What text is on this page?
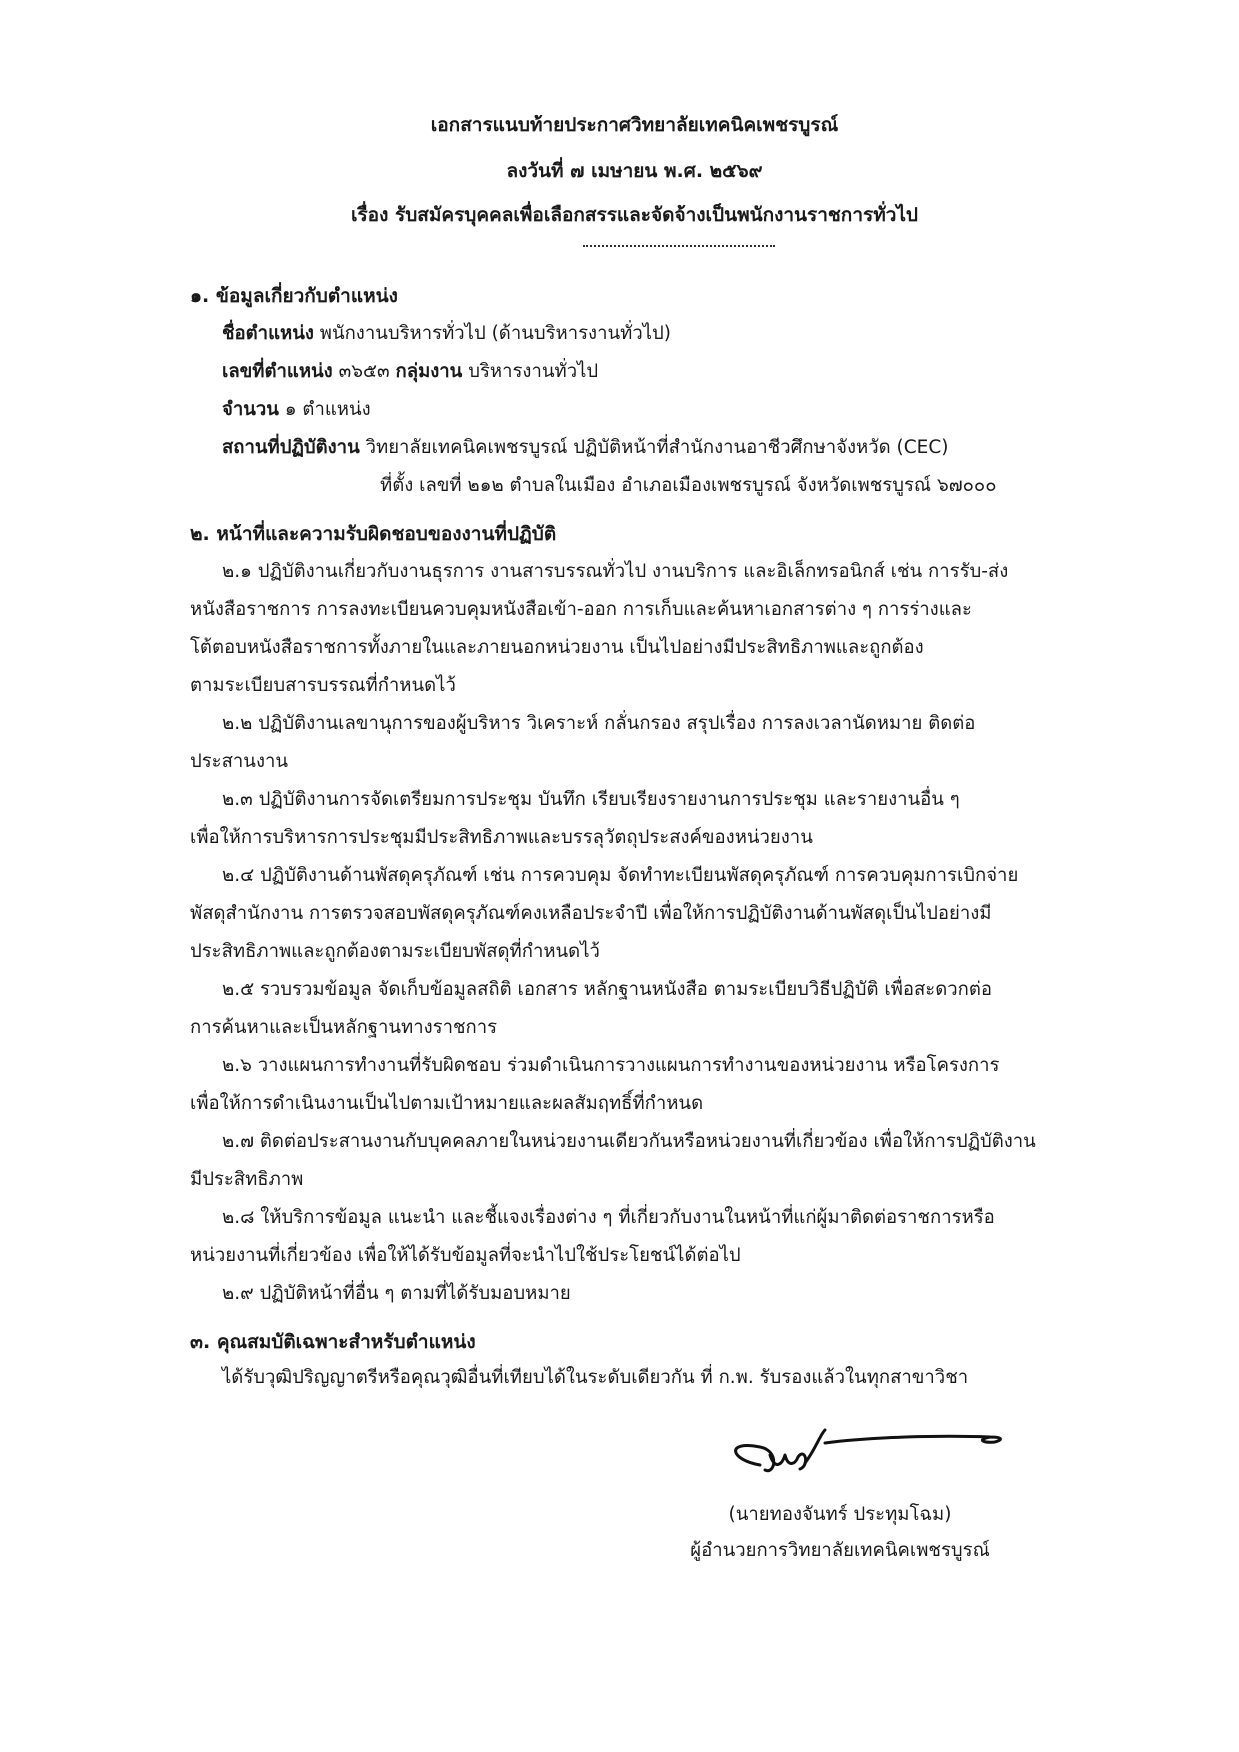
เอกสารแนบท้ายประกาศวิทยาลัยเทคนิคเพชรบูรณ์
ลงวันที่ ๗ เมษายน พ.ศ. ๒๕๖๙
เรื่อง รับสมัครบุคคลเพื่อเลือกสรรและจัดจ้างเป็นพนักงานราชการทั่วไป
๑. ข้อมูลเกี่ยวกับตำแหน่ง
ชื่อตำแหน่ง พนักงานบริหารทั่วไป (ด้านบริหารงานทั่วไป)
เลขที่ตำแหน่ง ๓๖๕๓ กลุ่มงาน บริหารงานทั่วไป
จำนวน ๑ ตำแหน่ง
สถานที่ปฏิบัติงาน วิทยาลัยเทคนิคเพชรบูรณ์ ปฏิบัติหน้าที่สำนักงานอาชีวศึกษาจังหวัด (CEC)
ที่ตั้ง เลขที่ ๒๑๒ ตำบลในเมือง อำเภอเมืองเพชรบูรณ์ จังหวัดเพชรบูรณ์ ๖๗๐๐๐
๒. หน้าที่และความรับผิดชอบของงานที่ปฏิบัติ
๒.๑ ปฏิบัติงานเกี่ยวกับงานธุรการ งานสารบรรณทั่วไป งานบริการ และอิเล็กทรอนิกส์ เช่น การรับ-ส่ง
หนังสือราชการ การลงทะเบียนควบคุมหนังสือเข้า-ออก การเก็บและค้นหาเอกสารต่าง ๆ การร่างและ
โต้ตอบหนังสือราชการทั้งภายในและภายนอกหน่วยงาน เป็นไปอย่างมีประสิทธิภาพและถูกต้อง
ตามระเบียบสารบรรณที่กำหนดไว้
๒.๒ ปฏิบัติงานเลขานุการของผู้บริหาร วิเคราะห์ กลั่นกรอง สรุปเรื่อง การลงเวลานัดหมาย ติดต่อ
ประสานงาน
๒.๓ ปฏิบัติงานการจัดเตรียมการประชุม บันทึก เรียบเรียงรายงานการประชุม และรายงานอื่น ๆ
เพื่อให้การบริหารการประชุมมีประสิทธิภาพและบรรลุวัตถุประสงค์ของหน่วยงาน
๒.๔ ปฏิบัติงานด้านพัสดุครุภัณฑ์ เช่น การควบคุม จัดทำทะเบียนพัสดุครุภัณฑ์ การควบคุมการเบิกจ่าย
พัสดุสำนักงาน การตรวจสอบพัสดุครุภัณฑ์คงเหลือประจำปี เพื่อให้การปฏิบัติงานด้านพัสดุเป็นไปอย่างมี
ประสิทธิภาพและถูกต้องตามระเบียบพัสดุที่กำหนดไว้
๒.๕ รวบรวมข้อมูล จัดเก็บข้อมูลสถิติ เอกสาร หลักฐานหนังสือ ตามระเบียบวิธีปฏิบัติ เพื่อสะดวกต่อ
การค้นหาและเป็นหลักฐานทางราชการ
๒.๖ วางแผนการทำงานที่รับผิดชอบ ร่วมดำเนินการวางแผนการทำงานของหน่วยงาน หรือโครงการ
เพื่อให้การดำเนินงานเป็นไปตามเป้าหมายและผลสัมฤทธิ์ที่กำหนด
๒.๗ ติดต่อประสานงานกับบุคคลภายในหน่วยงานเดียวกันหรือหน่วยงานที่เกี่ยวข้อง เพื่อให้การปฏิบัติงาน
มีประสิทธิภาพ
๒.๘ ให้บริการข้อมูล แนะนำ และชี้แจงเรื่องต่าง ๆ ที่เกี่ยวกับงานในหน้าที่แก่ผู้มาติดต่อราชการหรือ
หน่วยงานที่เกี่ยวข้อง เพื่อให้ได้รับข้อมูลที่จะนำไปใช้ประโยชน์ได้ต่อไป
๒.๙ ปฏิบัติหน้าที่อื่น ๆ ตามที่ได้รับมอบหมาย
๓. คุณสมบัติเฉพาะสำหรับตำแหน่ง
ได้รับวุฒิปริญญาตรีหรือคุณวุฒิอื่นที่เทียบได้ในระดับเดียวกัน ที่ ก.พ. รับรองแล้วในทุกสาขาวิชา
(นายทองจันทร์ ประทุมโฉม)
ผู้อำนวยการวิทยาลัยเทคนิคเพชรบูรณ์
